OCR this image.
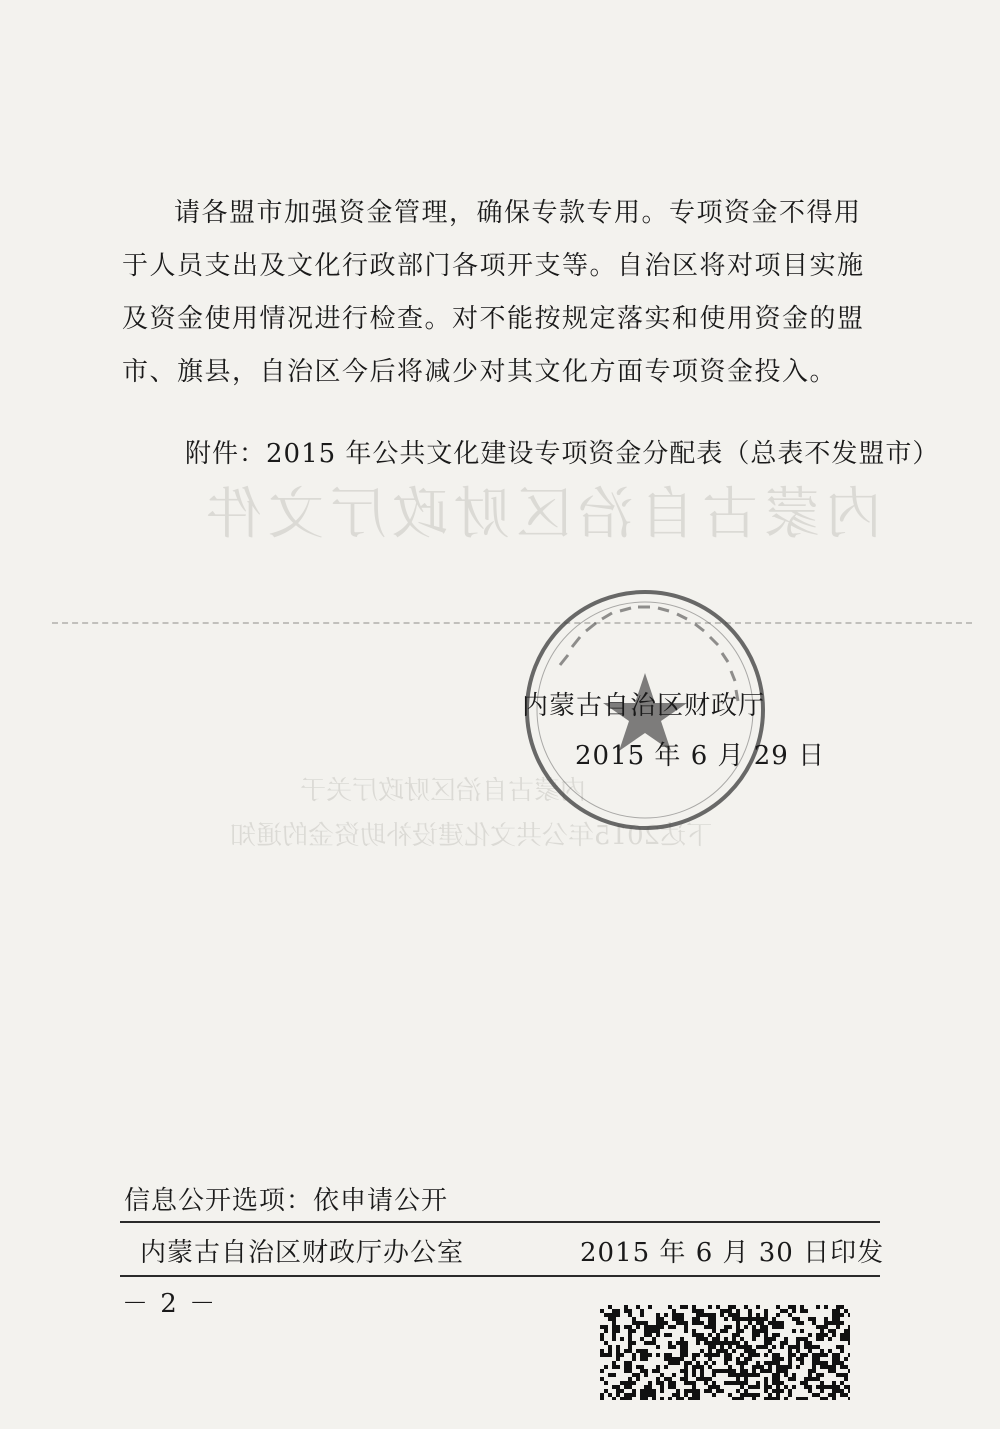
内蒙古自治区财政厅文件
内蒙古自治区财政厅关于
下达2015年公共文化建设补助资金的通知

请各盟市加强资金管理，确保专款专用。专项资金不得用于人员支出及文化行政部门各项开支等。自治区将对项目实施及资金使用情况进行检查。对不能按规定落实和使用资金的盟市、旗县，自治区今后将减少对其文化方面专项资金投入。

附件：2015 年公共文化建设专项资金分配表（总表不发盟市）

内蒙古自治区财政厅
2015 年 6 月 29 日
信息公开选项：依申请公开
内蒙古自治区财政厅办公室	2015 年 6 月 30 日印发
－ 2 －
